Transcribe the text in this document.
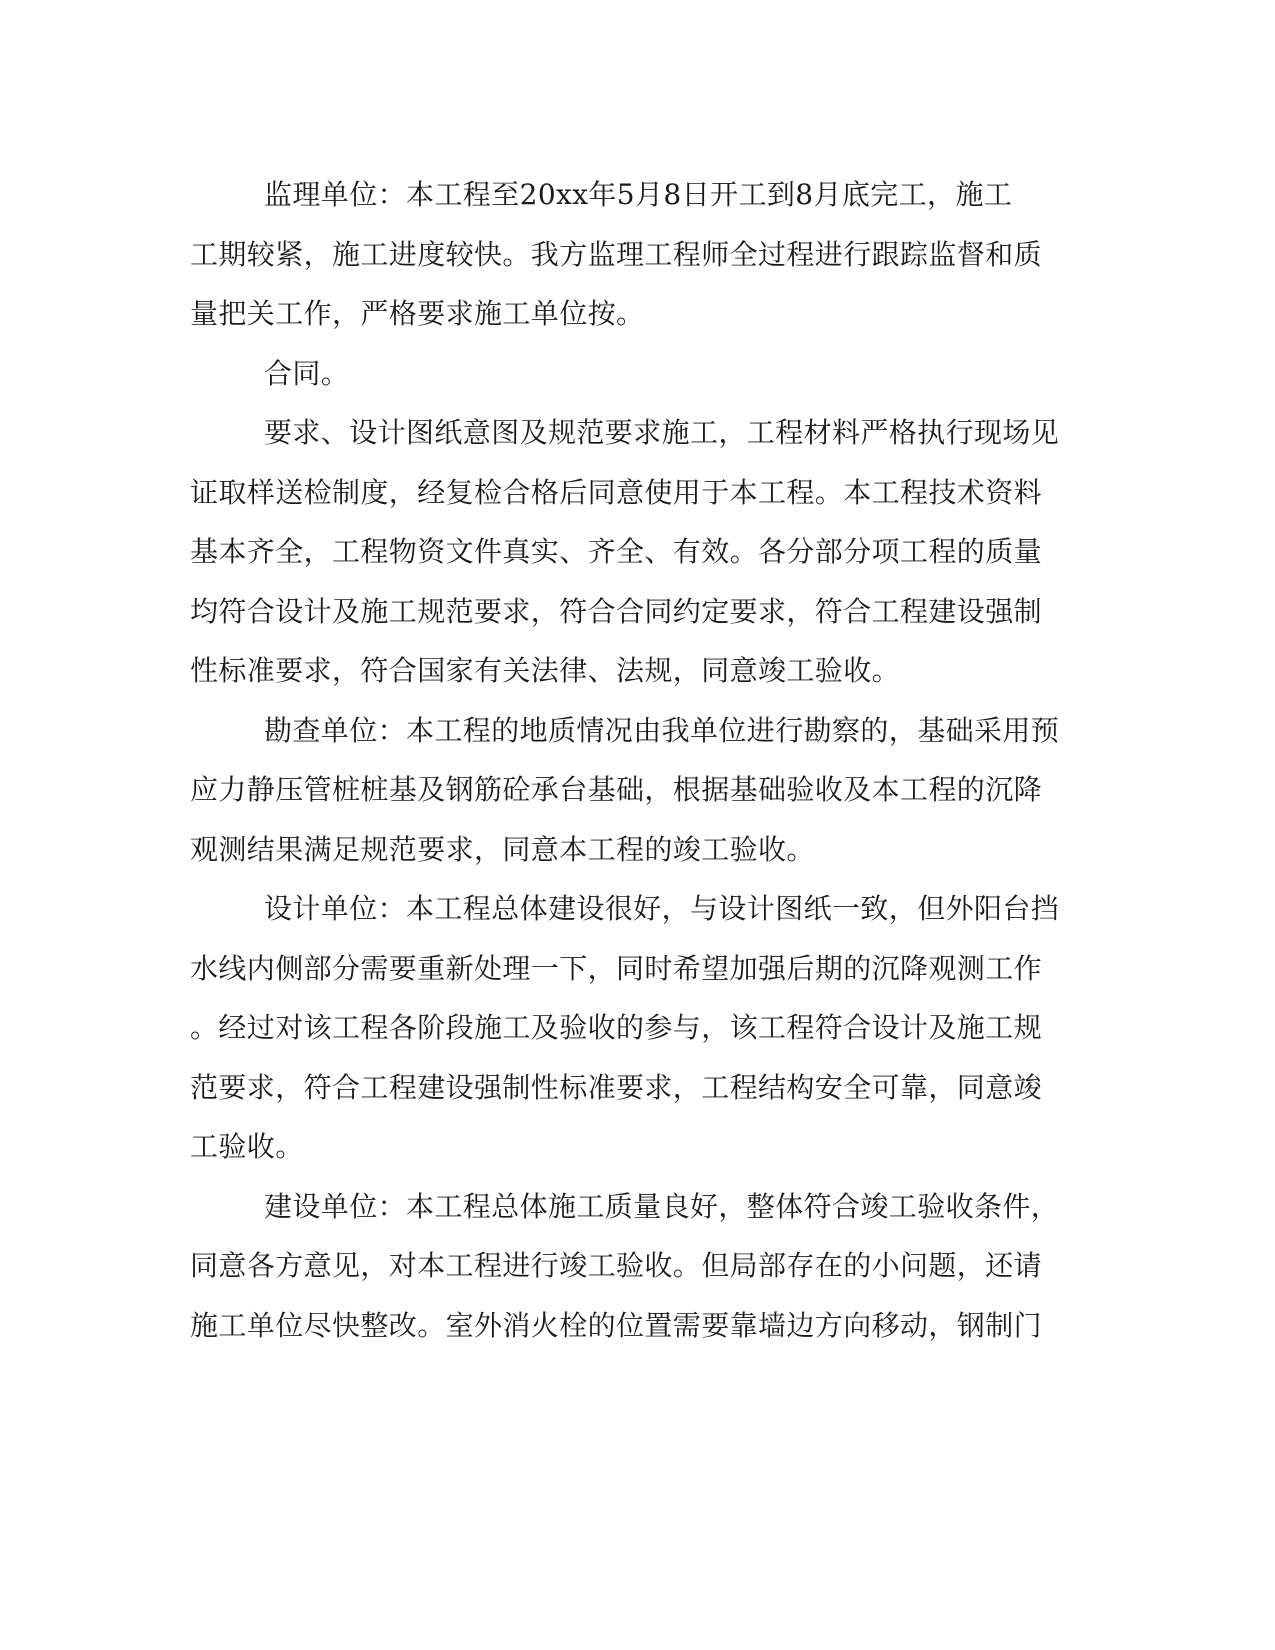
监理单位：本工程至20xx年5月8日开工到8月底完工，施工
工期较紧，施工进度较快。我方监理工程师全过程进行跟踪监督和质
量把关工作，严格要求施工单位按。
合同。
要求、设计图纸意图及规范要求施工，工程材料严格执行现场见
证取样送检制度，经复检合格后同意使用于本工程。本工程技术资料
基本齐全，工程物资文件真实、齐全、有效。各分部分项工程的质量
均符合设计及施工规范要求，符合合同约定要求，符合工程建设强制
性标准要求，符合国家有关法律、法规，同意竣工验收。
勘查单位：本工程的地质情况由我单位进行勘察的，基础采用预
应力静压管桩桩基及钢筋砼承台基础，根据基础验收及本工程的沉降
观测结果满足规范要求，同意本工程的竣工验收。
设计单位：本工程总体建设很好，与设计图纸一致，但外阳台挡
水线内侧部分需要重新处理一下，同时希望加强后期的沉降观测工作
。经过对该工程各阶段施工及验收的参与，该工程符合设计及施工规
范要求，符合工程建设强制性标准要求，工程结构安全可靠，同意竣
工验收。
建设单位：本工程总体施工质量良好，整体符合竣工验收条件，
同意各方意见，对本工程进行竣工验收。但局部存在的小问题，还请
施工单位尽快整改。室外消火栓的位置需要靠墙边方向移动，钢制门
